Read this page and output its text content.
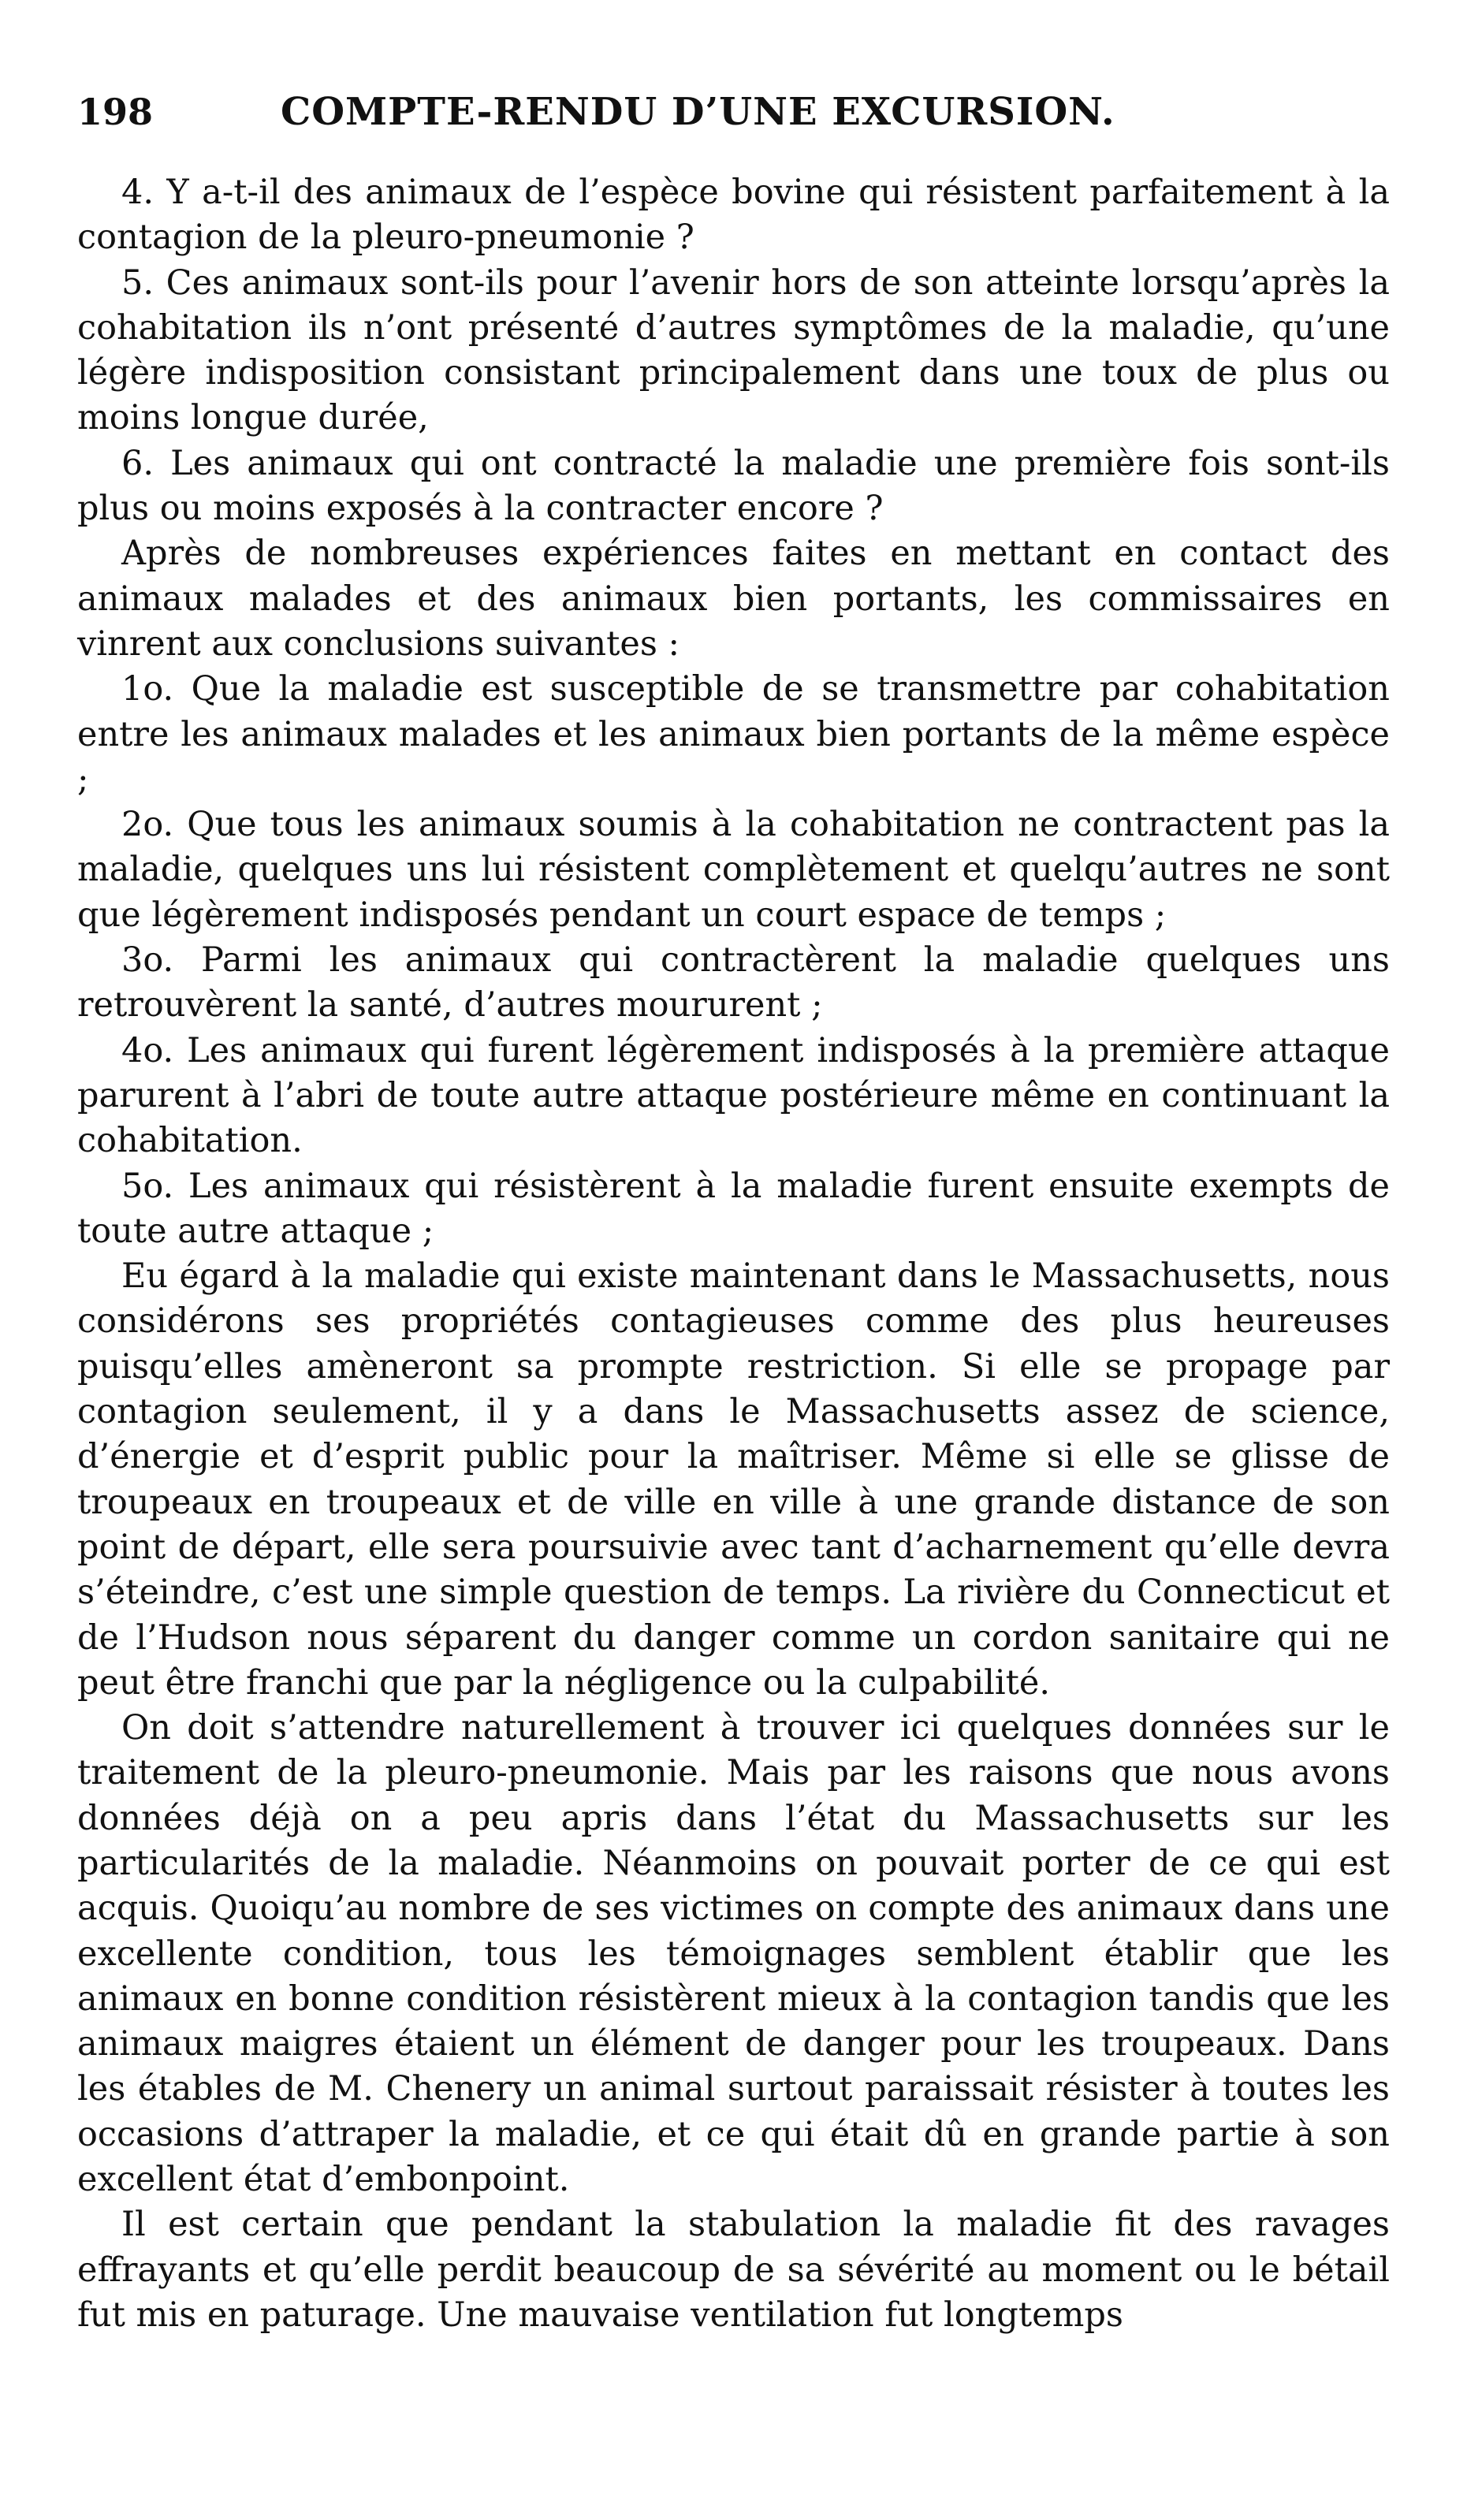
198	COMPTE-RENDU D’UNE EXCURSION.

4. Y a-t-il des animaux de l’espèce bovine qui résistent parfaitement à la contagion de la pleuro-pneumonie ?

5. Ces animaux sont-ils pour l’avenir hors de son atteinte lorsqu’après la cohabitation ils n’ont présenté d’autres symptômes de la maladie, qu’une légère indisposition consistant principalement dans une toux de plus ou moins longue durée,

6. Les animaux qui ont contracté la maladie une première fois sont-ils plus ou moins exposés à la contracter encore ?

Après de nombreuses expériences faites en mettant en contact des animaux malades et des animaux bien portants, les commissaires en vinrent aux conclusions suivantes :

1o. Que la maladie est susceptible de se transmettre par cohabitation entre les animaux malades et les animaux bien portants de la même espèce ;

2o. Que tous les animaux soumis à la cohabitation ne contractent pas la maladie, quelques uns lui résistent complètement et quelqu’autres ne sont que légèrement indisposés pendant un court espace de temps ;

3o. Parmi les animaux qui contractèrent la maladie quelques uns retrouvèrent la santé, d’autres moururent ;

4o. Les animaux qui furent légèrement indisposés à la première attaque parurent à l’abri de toute autre attaque postérieure même en continuant la cohabitation.

5o. Les animaux qui résistèrent à la maladie furent ensuite exempts de toute autre attaque ;

Eu égard à la maladie qui existe maintenant dans le Massachusetts, nous considérons ses propriétés contagieuses comme des plus heureuses puisqu’elles amèneront sa prompte restriction. Si elle se propage par contagion seulement, il y a dans le Massachusetts assez de science, d’énergie et d’esprit public pour la maîtriser. Même si elle se glisse de troupeaux en troupeaux et de ville en ville à une grande distance de son point de départ, elle sera poursuivie avec tant d’acharnement qu’elle devra s’éteindre, c’est une simple question de temps. La rivière du Connecticut et de l’Hudson nous séparent du danger comme un cordon sanitaire qui ne peut être franchi que par la négligence ou la culpabilité.

On doit s’attendre naturellement à trouver ici quelques données sur le traitement de la pleuro-pneumonie. Mais par les raisons que nous avons données déjà on a peu apris dans l’état du Massachusetts sur les particularités de la maladie. Néanmoins on pouvait porter de ce qui est acquis. Quoiqu’au nombre de ses victimes on compte des animaux dans une excellente condition, tous les témoignages semblent établir que les animaux en bonne condition résistèrent mieux à la contagion tandis que les animaux maigres étaient un élément de danger pour les troupeaux. Dans les étables de M. Chenery un animal surtout paraissait résister à toutes les occasions d’attraper la maladie, et ce qui était dû en grande partie à son excellent état d’embonpoint.

Il est certain que pendant la stabulation la maladie fit des ravages effrayants et qu’elle perdit beaucoup de sa sévérité au moment ou le bétail fut mis en paturage. Une mauvaise ventilation fut longtemps
